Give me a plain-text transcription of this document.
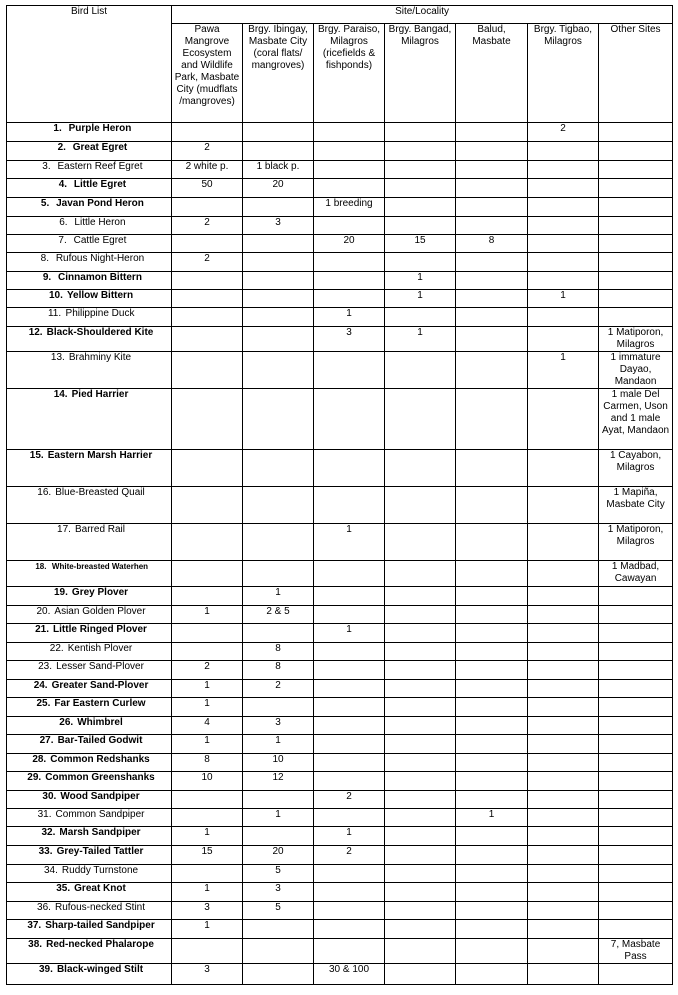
Bird List	Site/Locality						
	Pawa Mangrove Ecosystem and Wildlife Park, Masbate City (mudflats /mangroves)	Brgy. Ibingay, Masbate City (coral flats/ mangroves)	Brgy. Paraiso, Milagros (ricefields & fishponds)	Brgy. Bangad, Milagros	Balud, Masbate	Brgy. Tigbao, Milagros	Other Sites
1. Purple Heron						2	
2. Great Egret	2						
3. Eastern Reef Egret	2 white p.	1 black p.					
4. Little Egret	50	20					
5. Javan Pond Heron			1 breeding				
6. Little Heron	2	3					
7. Cattle Egret			20	15	8		
8. Rufous Night-Heron	2						
9. Cinnamon Bittern				1			
10. Yellow Bittern				1		1	
11. Philippine Duck			1				
12. Black-Shouldered Kite			3	1			1 Matiporon, Milagros
13. Brahminy Kite						1	1 immature Dayao, Mandaon
14. Pied Harrier							1 male Del Carmen, Uson and 1 male Ayat, Mandaon
15. Eastern Marsh Harrier							1 Cayabon, Milagros
16. Blue-Breasted Quail							1 Mapiña, Masbate City
17. Barred Rail			1				1 Matiporon, Milagros
18. White-breasted Waterhen							1 Madbad, Cawayan
19. Grey Plover		1					
20. Asian Golden Plover	1	2 & 5					
21. Little Ringed Plover			1				
22. Kentish Plover		8					
23. Lesser Sand-Plover	2	8					
24. Greater Sand-Plover	1	2					
25. Far Eastern Curlew	1						
26. Whimbrel	4	3					
27. Bar-Tailed Godwit	1	1					
28. Common Redshanks	8	10					
29. Common Greenshanks	10	12					
30. Wood Sandpiper			2				
31. Common Sandpiper		1			1		
32. Marsh Sandpiper	1		1				
33. Grey-Tailed Tattler	15	20	2				
34. Ruddy Turnstone		5					
35. Great Knot	1	3					
36. Rufous-necked Stint	3	5					
37. Sharp-tailed Sandpiper	1						
38. Red-necked Phalarope							7, Masbate Pass
39. Black-winged Stilt	3		30 & 100				
